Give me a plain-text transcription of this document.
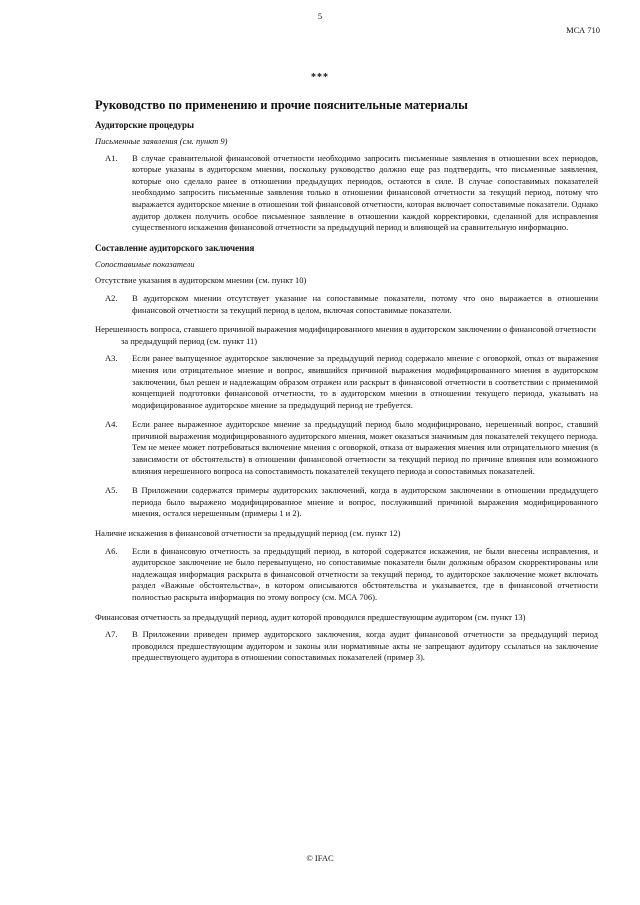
5
МСА 710
***
Руководство по применению и прочие пояснительные материалы
Аудиторские процедуры
Письменные заявления (см. пункт 9)
A1. В случае сравнительной финансовой отчетности необходимо запросить письменные заявления в отношении всех периодов, которые указаны в аудиторском мнении, поскольку руководство должно еще раз подтвердить, что письменные заявления, которые оно сделало ранее в отношении предыдущих периодов, остаются в силе. В случае сопоставимых показателей необходимо запросить письменные заявления только в отношении финансовой отчетности за текущий период, потому что выражается аудиторское мнение в отношении той финансовой отчетности, которая включает сопоставимые показатели. Однако аудитор должен получить особое письменное заявление в отношении каждой корректировки, сделанной для исправления существенного искажения финансовой отчетности за предыдущий период и влияющей на сравнительную информацию.
Составление аудиторского заключения
Сопоставимые показатели
Отсутствие указания в аудиторском мнении (см. пункт 10)
A2. В аудиторском мнении отсутствует указание на сопоставимые показатели, потому что оно выражается в отношении финансовой отчетности за текущий период в целом, включая сопоставимые показатели.
Нерешенность вопроса, ставшего причиной выражения модифицированного мнения в аудиторском заключении о финансовой отчетности за предыдущий период (см. пункт 11)
A3. Если ранее выпущенное аудиторское заключение за предыдущий период содержало мнение с оговоркой, отказ от выражения мнения или отрицательное мнение и вопрос, явившийся причиной выражения модифицированного мнения в аудиторском заключении, был решен и надлежащим образом отражен или раскрыт в финансовой отчетности в соответствии с применимой концепцией подготовки финансовой отчетности, то в аудиторском мнении в отношении текущего периода, указывать на модифицированное аудиторское мнение за предыдущий период не требуется.
A4. Если ранее выраженное аудиторское мнение за предыдущий период было модифицировано, нерешенный вопрос, ставший причиной выражения модифицированного аудиторского мнения, может оказаться значимым для показателей текущего периода. Тем не менее может потребоваться включение мнения с оговоркой, отказа от выражения мнения или отрицательного мнения (в зависимости от обстоятельств) в отношении финансовой отчетности за текущий период по причине влияния или возможного влияния нерешенного вопроса на сопоставимость показателей текущего периода и сопоставимых показателей.
A5. В Приложении содержатся примеры аудиторских заключений, когда в аудиторском заключении в отношении предыдущего периода было выражено модифицированное мнение и вопрос, послуживший причиной выражения модифицированного мнения, остался нерешенным (примеры 1 и 2).
Наличие искажения в финансовой отчетности за предыдущий период (см. пункт 12)
A6. Если в финансовую отчетность за предыдущий период, в которой содержатся искажения, не были внесены исправления, и аудиторское заключение не было перевыпущено, но сопоставимые показатели были должным образом скорректированы или надлежащая информация раскрыта в финансовой отчетности за текущий период, то аудиторское заключение может включать раздел «Важные обстоятельства», в котором описываются обстоятельства и указывается, где в финансовой отчетности полностью раскрыта информация по этому вопросу (см. МСА 706).
Финансовая отчетность за предыдущий период, аудит которой проводился предшествующим аудитором (см. пункт 13)
A7. В Приложении приведен пример аудиторского заключения, когда аудит финансовой отчетности за предыдущий период проводился предшествующим аудитором и законы или нормативные акты не запрещают аудитору ссылаться на заключение предшествующего аудитора в отношении сопоставимых показателей (пример 3).
© IFAC
